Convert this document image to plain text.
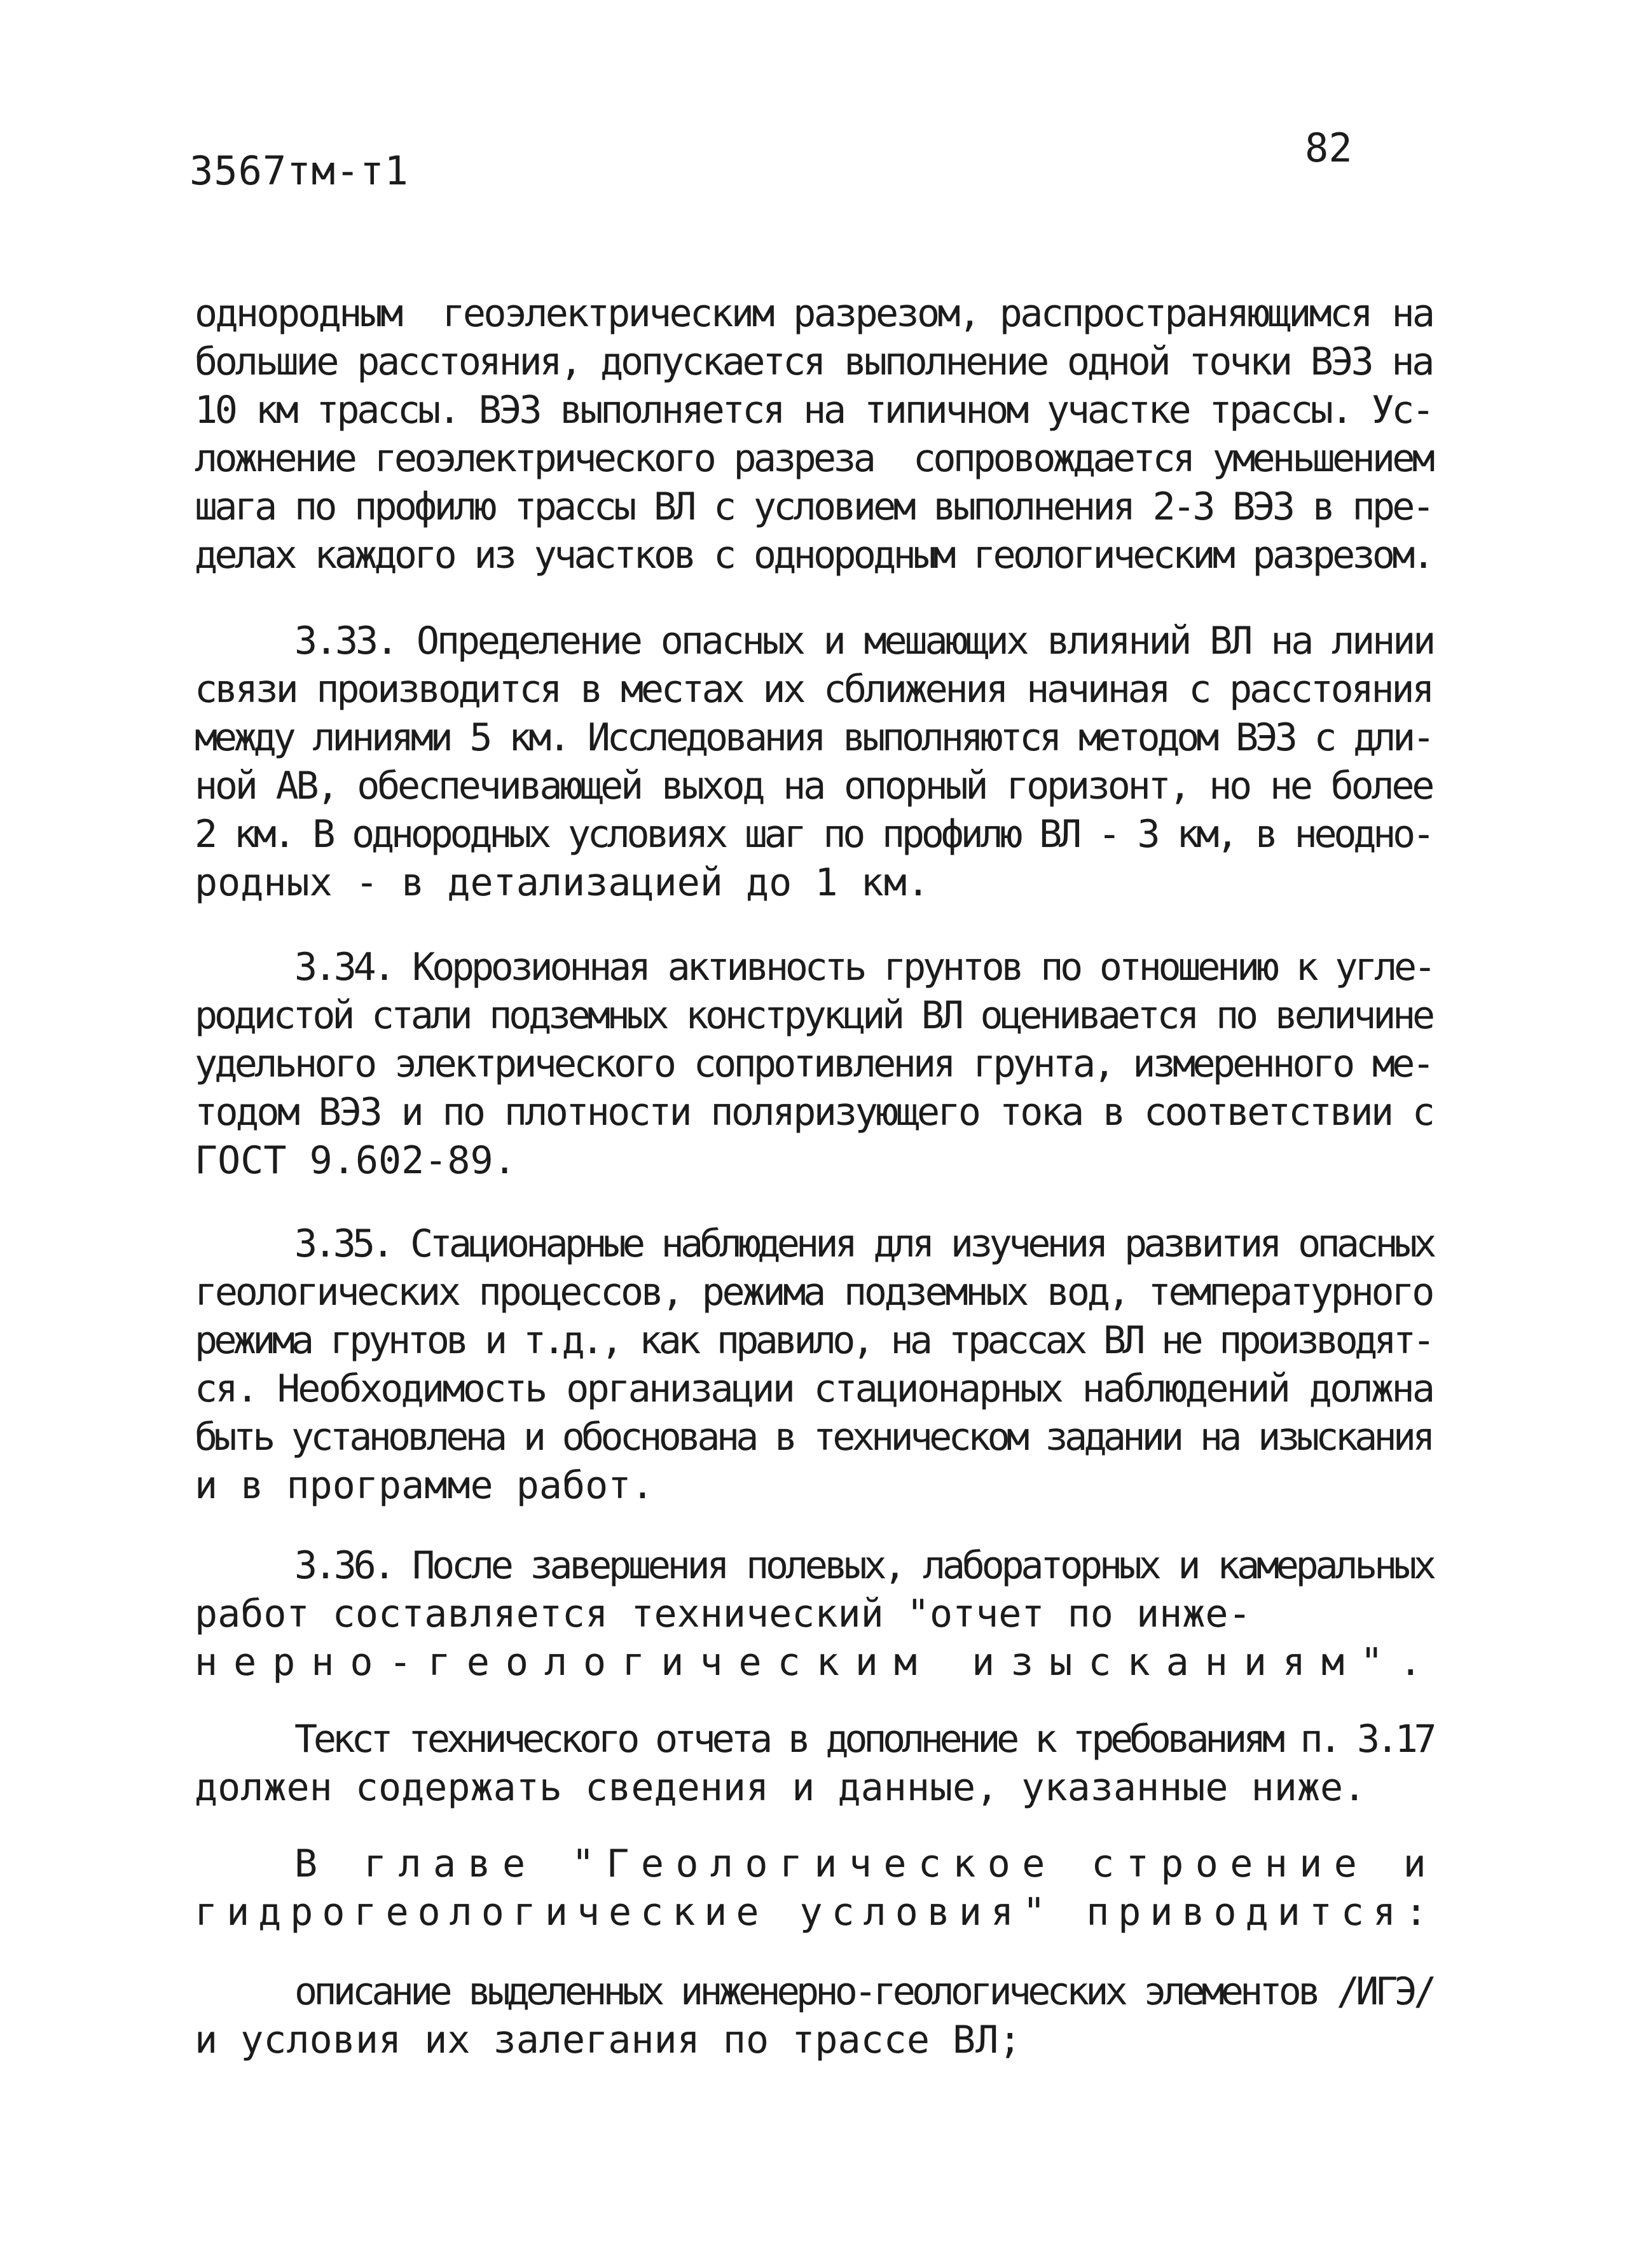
3567тм-т1	82
однородным  геоэлектрическим разрезом, распространяющимся на
большие расстояния, допускается выполнение одной точки ВЭЗ на
10 км трассы. ВЭЗ выполняется на типичном участке трассы. Ус-
ложнение геоэлектрического разреза  сопровождается уменьшением
шага по профилю трассы ВЛ с условием выполнения 2-3 ВЭЗ в пре-
делах каждого из участков с однородным геологическим разрезом.
3.33. Определение опасных и мешающих влияний ВЛ на линии
связи производится в местах их сближения начиная с расстояния
между линиями 5 км. Исследования выполняются методом ВЭЗ с дли-
ной АВ, обеспечивающей выход на опорный горизонт, но не более
2 км. В однородных условиях шаг по профилю ВЛ - 3 км, в неодно-
родных - в детализацией до 1 км.
3.34. Коррозионная активность грунтов по отношению к угле-
родистой стали подземных конструкций ВЛ оценивается по величине
удельного электрического сопротивления грунта, измеренного ме-
тодом ВЭЗ и по плотности поляризующего тока в соответствии с
ГОСТ 9.602-89.
3.35. Стационарные наблюдения для изучения развития опасных
геологических процессов, режима подземных вод, температурного
режима грунтов и т.д., как правило, на трассах ВЛ не производят-
ся. Необходимость организации стационарных наблюдений должна
быть установлена и обоснована в техническом задании на изыскания
и в программе работ.
3.36. После завершения полевых, лабораторных и камеральных
работ составляется технический "отчет по инже-
нерно-геологическим изысканиям".
Текст технического отчета в дополнение к требованиям п. 3.17
должен содержать сведения и данные, указанные ниже.
В главе "Геологическое строение и
гидрогеологические условия" приводится:
описание выделенных инженерно-геологических элементов /ИГЭ/
и условия их залегания по трассе ВЛ;
